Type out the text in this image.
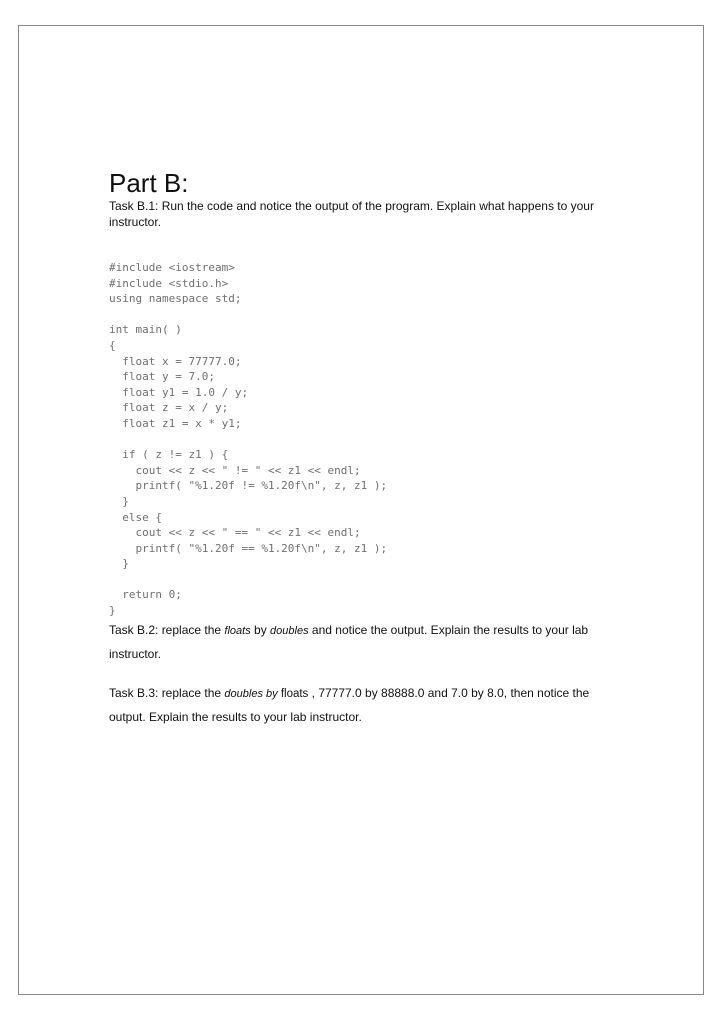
Part B:

Task B.1: Run the code and notice the output of the program. Explain what happens to your instructor.

#include <iostream>
#include <stdio.h>
using namespace std;

int main( )
{
float x = 77777.0;
float y = 7.0;
float y1 = 1.0 / y;
float z = x / y;
float z1 = x * y1;

if ( z != z1 ) {
cout << z << " != " << z1 << endl;
printf( "%1.20f != %1.20f\n", z, z1 );
}
else {
cout << z << " == " << z1 << endl;
printf( "%1.20f == %1.20f\n", z, z1 );
}

return 0;
}

Task B.2: replace the floats by doubles and notice the output. Explain the results to your lab instructor.

Task B.3: replace the doubles by floats , 77777.0 by 88888.0 and 7.0 by 8.0, then notice the output. Explain the results to your lab instructor.
